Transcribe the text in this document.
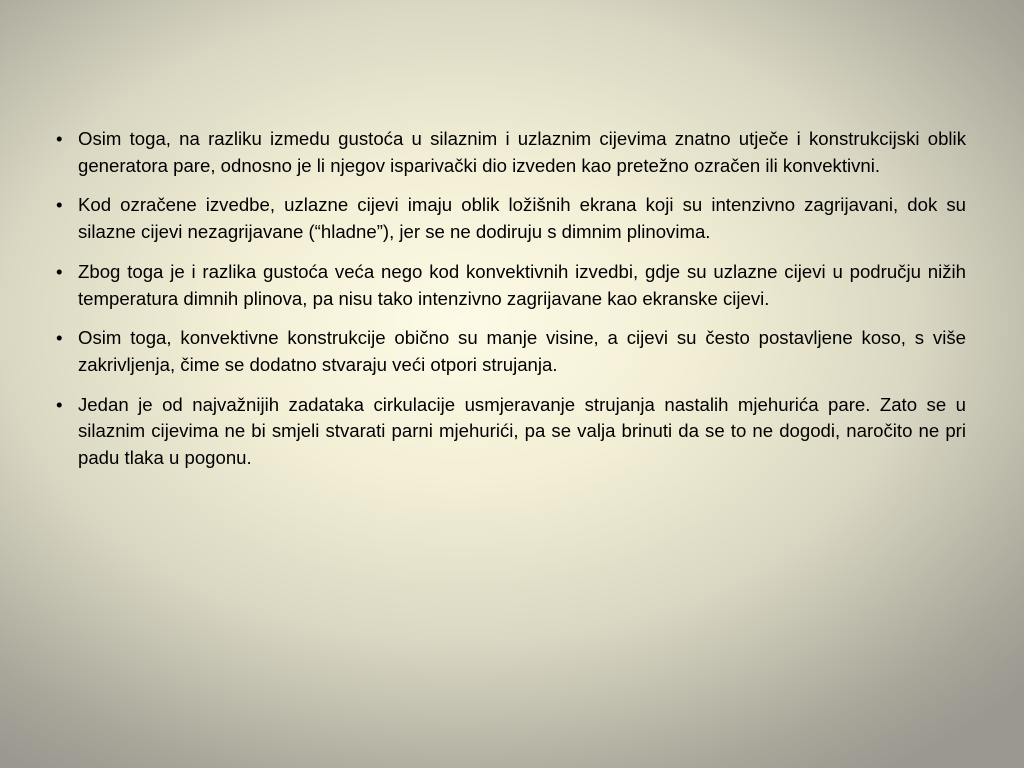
• Osim toga, na razliku izmedu gustoća u silaznim i uzlaznim cijevima znatno utječe i konstrukcijski oblik generatora pare, odnosno je li njegov isparivački dio izveden kao pretežno ozračen ili konvektivni.
• Kod ozračene izvedbe, uzlazne cijevi imaju oblik ložišnih ekrana koji su intenzivno zagrijavani, dok su silazne cijevi nezagrijavane (“hladne”), jer se ne dodiruju s dimnim plinovima.
• Zbog toga je i razlika gustoća veća nego kod konvektivnih izvedbi, gdje su uzlazne cijevi u području nižih temperatura dimnih plinova, pa nisu tako intenzivno zagrijavane kao ekranske cijevi.
• Osim toga, konvektivne konstrukcije obično su manje visine, a cijevi su često postavljene koso, s više zakrivljenja, čime se dodatno stvaraju veći otpori strujanja.
• Jedan je od najvažnijih zadataka cirkulacije usmjeravanje strujanja nastalih mjehurića pare. Zato se u silaznim cijevima ne bi smjeli stvarati parni mjehurići, pa se valja brinuti da se to ne dogodi, naročito ne pri padu tlaka u pogonu.
